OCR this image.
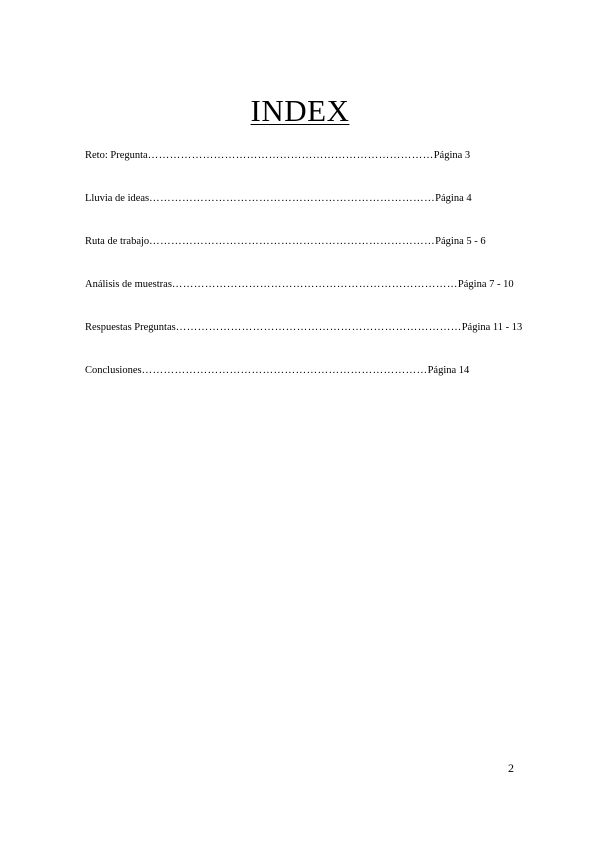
INDEX
Reto: Pregunta …………………………………………………………………… Página 3
Lluvia de ideas …………………………………………………………………… Página 4
Ruta de trabajo …………………………………………………………………… Página 5 - 6
Análisis de muestras …………………………………………………………………… Página 7 - 10
Respuestas Preguntas …………………………………………………………………… Página 11 - 13
Conclusiones …………………………………………………………………… Página 14
2
